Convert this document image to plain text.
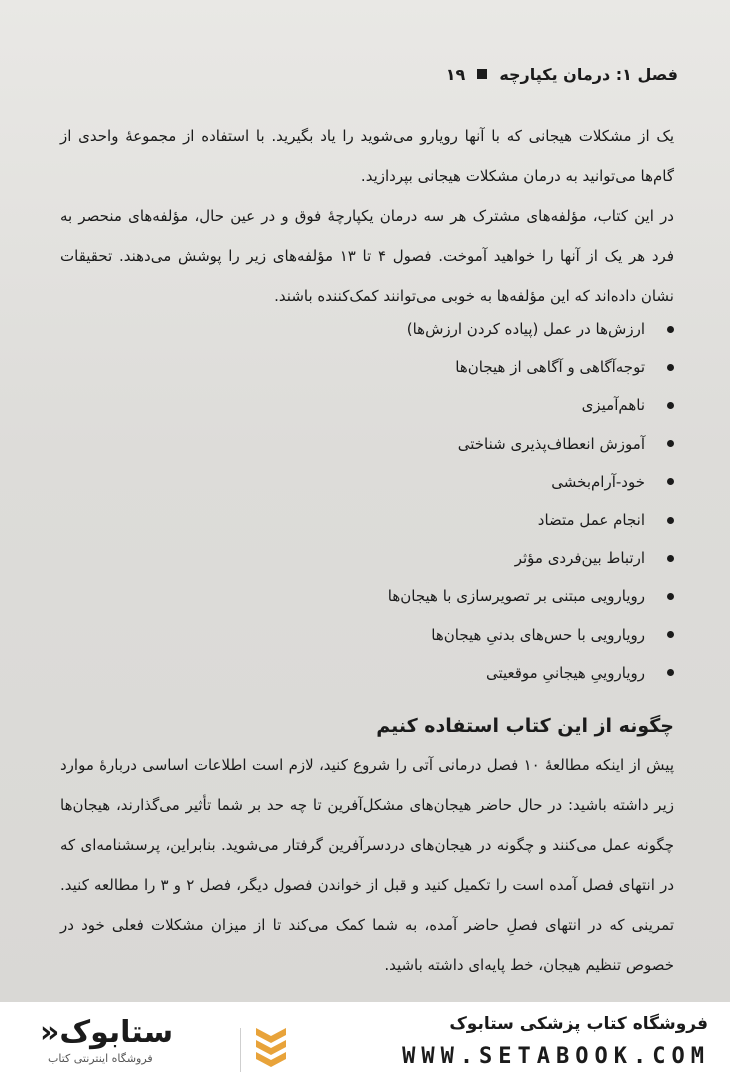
فصل ۱: درمان یکپارچه
۱۹

یک از مشکلات هیجانی که با آنها رویارو می‌شوید را یاد بگیرید. با استفاده از مجموعهٔ واحدی از گام‌ها می‌توانید به درمان مشکلات هیجانی بپردازید.

در این کتاب، مؤلفه‌های مشترک هر سه درمان یکپارچهٔ فوق و در عین حال، مؤلفه‌های منحصر به فرد هر یک از آنها را خواهید آموخت. فصول ۴ تا ۱۳ مؤلفه‌های زیر را پوشش می‌دهند. تحقیقات نشان داده‌اند که این مؤلفه‌ها به خوبی می‌توانند کمک‌کننده باشند.

ارزش‌ها در عمل (پیاده کردن ارزش‌ها)
توجه‌آگاهی و آگاهی از هیجان‌ها
ناهم‌آمیزی
آموزش انعطاف‌پذیری شناختی
خود-آرام‌بخشی
انجام عمل متضاد
ارتباط بین‌فردی مؤثر
رویارویی مبتنی بر تصویرسازی با هیجان‌ها
رویارویی با حس‌های بدنیِ هیجان‌ها
رویاروییِ هیجانیِ موقعیتی
چگونه از این کتاب استفاده کنیم

پیش از اینکه مطالعهٔ ۱۰ فصل درمانی آتی را شروع کنید، لازم است اطلاعات اساسی دربارهٔ موارد زیر داشته باشید: در حال حاضر هیجان‌های مشکل‌آفرین تا چه حد بر شما تأثیر می‌گذارند، هیجان‌ها چگونه عمل می‌کنند و چگونه در هیجان‌های دردسرآفرین گرفتار می‌شوید. بنابراین، پرسشنامه‌ای که در انتهای فصل آمده است را تکمیل کنید و قبل از خواندن فصول دیگر، فصل ۲ و ۳ را مطالعه کنید. تمرینی که در انتهای فصلِ حاضر آمده، به شما کمک می‌کند تا از میزان مشکلات فعلی خود در خصوص تنظیم هیجان، خط پایه‌ای داشته باشید.

ستابوک«
فروشگاه اینترنتی کتاب
فروشگاه کتاب پزشکی ستابوک
WWW.SETABOOK.COM
